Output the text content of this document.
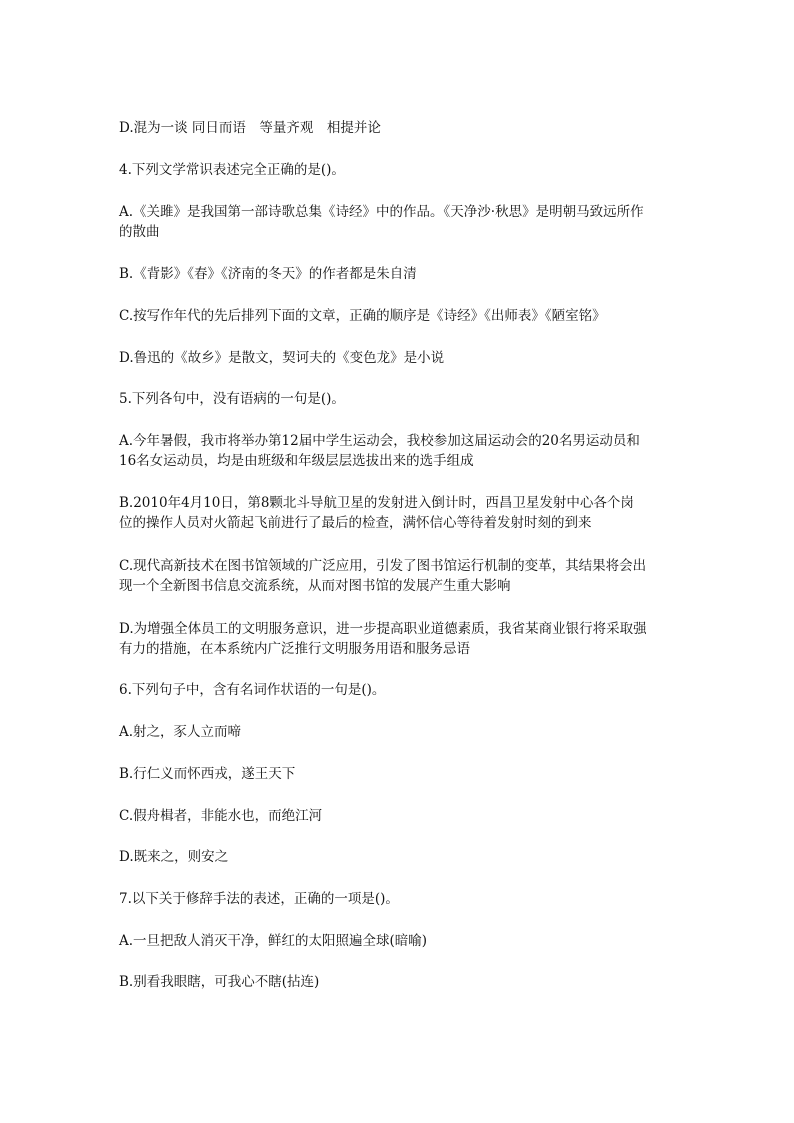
D.混为一谈 同日而语　等量齐观　相提并论
4.下列文学常识表述完全正确的是()。
A.《关雎》是我国第一部诗歌总集《诗经》中的作品。《天净沙·秋思》是明朝马致远所作
的散曲
B.《背影》《春》《济南的冬天》的作者都是朱自清
C.按写作年代的先后排列下面的文章，正确的顺序是《诗经》《出师表》《陋室铭》
D.鲁迅的《故乡》是散文，契诃夫的《变色龙》是小说
5.下列各句中，没有语病的一句是()。
A.今年暑假，我市将举办第12届中学生运动会，我校参加这届运动会的20名男运动员和
16名女运动员，均是由班级和年级层层选拔出来的选手组成
B.2010年4月10日，第8颗北斗导航卫星的发射进入倒计时，西昌卫星发射中心各个岗
位的操作人员对火箭起飞前进行了最后的检查，满怀信心等待着发射时刻的到来
C.现代高新技术在图书馆领域的广泛应用，引发了图书馆运行机制的变革，其结果将会出
现一个全新图书信息交流系统，从而对图书馆的发展产生重大影响
D.为增强全体员工的文明服务意识，进一步提高职业道德素质，我省某商业银行将采取强
有力的措施，在本系统内广泛推行文明服务用语和服务忌语
6.下列句子中，含有名词作状语的一句是()。
A.射之，豕人立而啼
B.行仁义而怀西戎，遂王天下
C.假舟楫者，非能水也，而绝江河
D.既来之，则安之
7.以下关于修辞手法的表述，正确的一项是()。
A.一旦把敌人消灭干净，鲜红的太阳照遍全球(暗喻)
B.别看我眼瞎，可我心不瞎(拈连)
